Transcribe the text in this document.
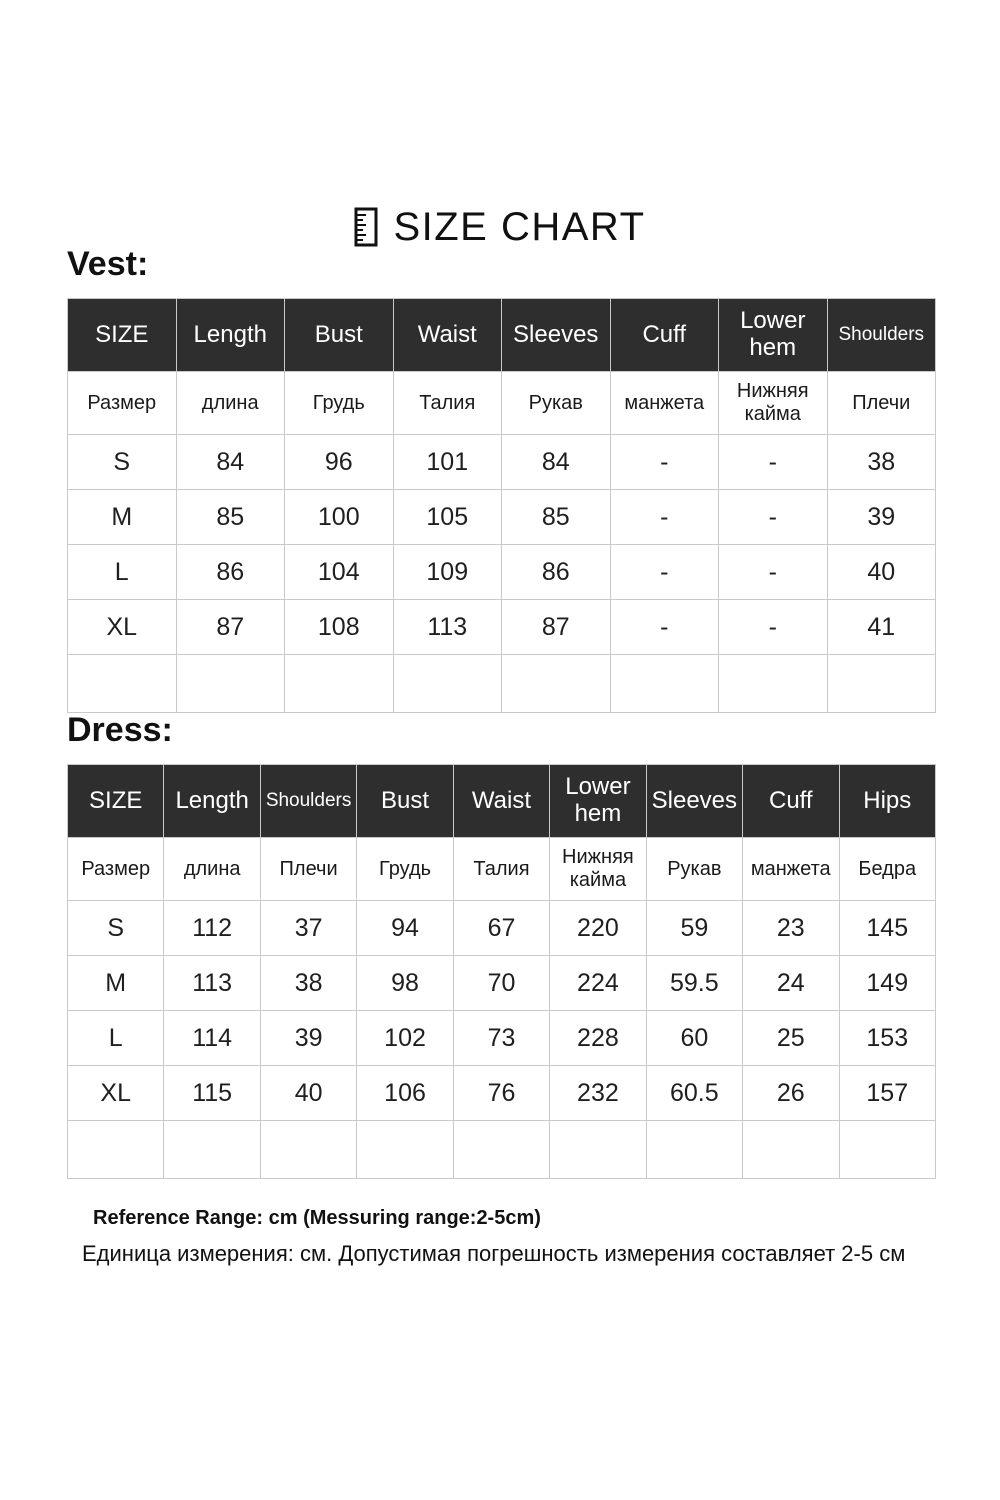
SIZE CHART
Vest:
SIZE	Length	Bust	Waist	Sleeves	Cuff	Lower hem	Shoulders
Размер	длина	Грудь	Талия	Рукав	манжета	Нижняя кайма	Плечи
S	84	96	101	84	-	-	38
M	85	100	105	85	-	-	39
L	86	104	109	86	-	-	40
XL	87	108	113	87	-	-	41

Dress:
SIZE	Length	Shoulders	Bust	Waist	Lower hem	Sleeves	Cuff	Hips
Размер	длина	Плечи	Грудь	Талия	Нижняя кайма	Рукав	манжета	Бедра
S	112	37	94	67	220	59	23	145
M	113	38	98	70	224	59.5	24	149
L	114	39	102	73	228	60	25	153
XL	115	40	106	76	232	60.5	26	157

Reference Range: cm (Messuring range:2-5cm)
Единица измерения: см. Допустимая погрешность измерения составляет 2-5 см
